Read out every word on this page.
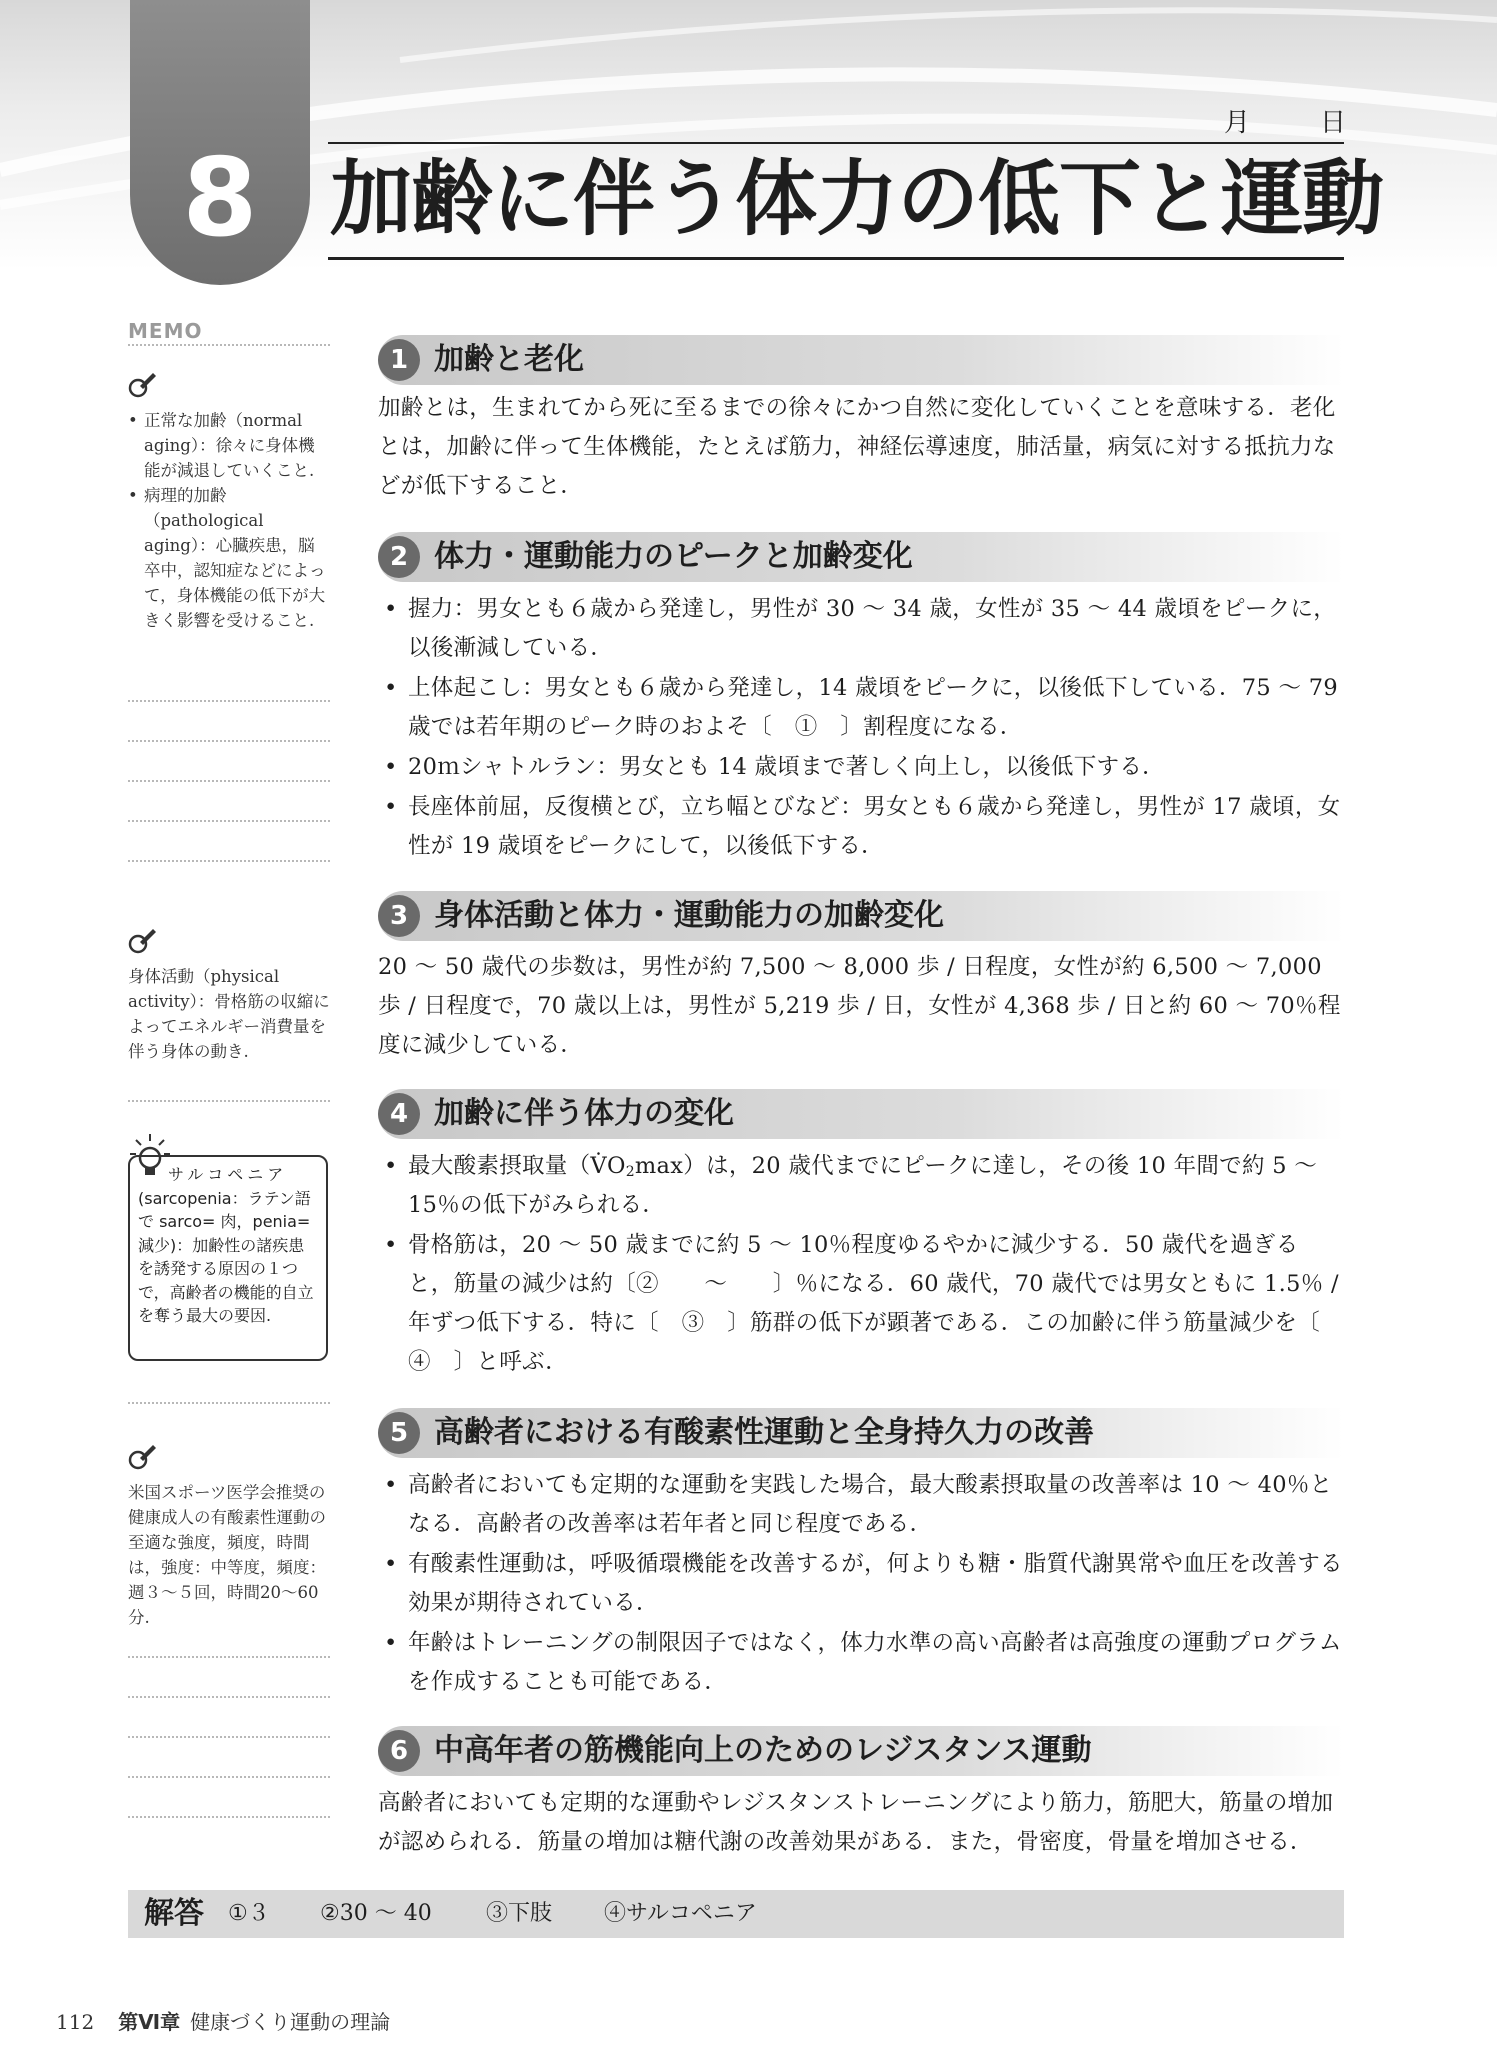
8
月	日
加齢に伴う体力の低下と運動
MEMO
• 正常な加齢（normal aging）：徐々に身体機能が減退していくこと.
• 病理的加齢（pathological aging）：心臓疾患，脳卒中，認知症などによって，身体機能の低下が大きく影響を受けること.

身体活動（physical activity）：骨格筋の収縮によってエネルギー消費量を伴う身体の動き.

サルコペニア
(sarcopenia：ラテン語で sarco= 肉，penia= 減少)：加齢性の諸疾患を誘発する原因の１つで，高齢者の機能的自立を奪う最大の要因.

米国スポーツ医学会推奨の健康成人の有酸素性運動の至適な強度，頻度，時間は，強度：中等度，頻度：週３～５回，時間20～60分.

1 加齢と老化

加齢とは，生まれてから死に至るまでの徐々にかつ自然に変化していくことを意味する．老化とは，加齢に伴って生体機能，たとえば筋力，神経伝導速度，肺活量，病気に対する抵抗力などが低下すること．

2 体力・運動能力のピークと加齢変化
• 握力：男女とも６歳から発達し，男性が 30 ～ 34 歳，女性が 35 ～ 44 歳頃をピークに，以後漸減している．
• 上体起こし：男女とも６歳から発達し，14 歳頃をピークに，以後低下している．75 ～ 79 歳では若年期のピーク時のおよそ〔　①　〕割程度になる．
• 20ｍシャトルラン：男女とも 14 歳頃まで著しく向上し，以後低下する．
• 長座体前屈，反復横とび，立ち幅とびなど：男女とも６歳から発達し，男性が 17 歳頃，女性が 19 歳頃をピークにして，以後低下する．
3 身体活動と体力・運動能力の加齢変化

20 ～ 50 歳代の歩数は，男性が約 7,500 ～ 8,000 歩 / 日程度，女性が約 6,500 ～ 7,000 歩 / 日程度で，70 歳以上は，男性が 5,219 歩 / 日，女性が 4,368 歩 / 日と約 60 ～ 70％程度に減少している．

4 加齢に伴う体力の変化
• 最大酸素摂取量$(V̇O_2\max)$は，20 歳代までにピークに達し，その後 10 年間で約 5 ～ 15％の低下がみられる．
• 骨格筋は，20 ～ 50 歳までに約 5 ～ 10％程度ゆるやかに減少する．50 歳代を過ぎると，筋量の減少は約〔②　　～　　〕％になる．60 歳代，70 歳代では男女ともに 1.5％ / 年ずつ低下する．特に〔　③　〕筋群の低下が顕著である．この加齢に伴う筋量減少を〔　④　〕と呼ぶ．
5 高齢者における有酸素性運動と全身持久力の改善
• 高齢者においても定期的な運動を実践した場合，最大酸素摂取量の改善率は 10 ～ 40％となる．高齢者の改善率は若年者と同じ程度である．
• 有酸素性運動は，呼吸循環機能を改善するが，何よりも糖・脂質代謝異常や血圧を改善する効果が期待されている．
• 年齢はトレーニングの制限因子ではなく，体力水準の高い高齢者は高強度の運動プログラムを作成することも可能である．
6 中高年者の筋機能向上のためのレジスタンス運動

高齢者においても定期的な運動やレジスタンストレーニングにより筋力，筋肥大，筋量の増加が認められる．筋量の増加は糖代謝の改善効果がある．また，骨密度，骨量を増加させる．

解答 ①３ ②30 ～ 40 ③下肢 ④サルコペニア
112 第Ⅵ章 健康づくり運動の理論
